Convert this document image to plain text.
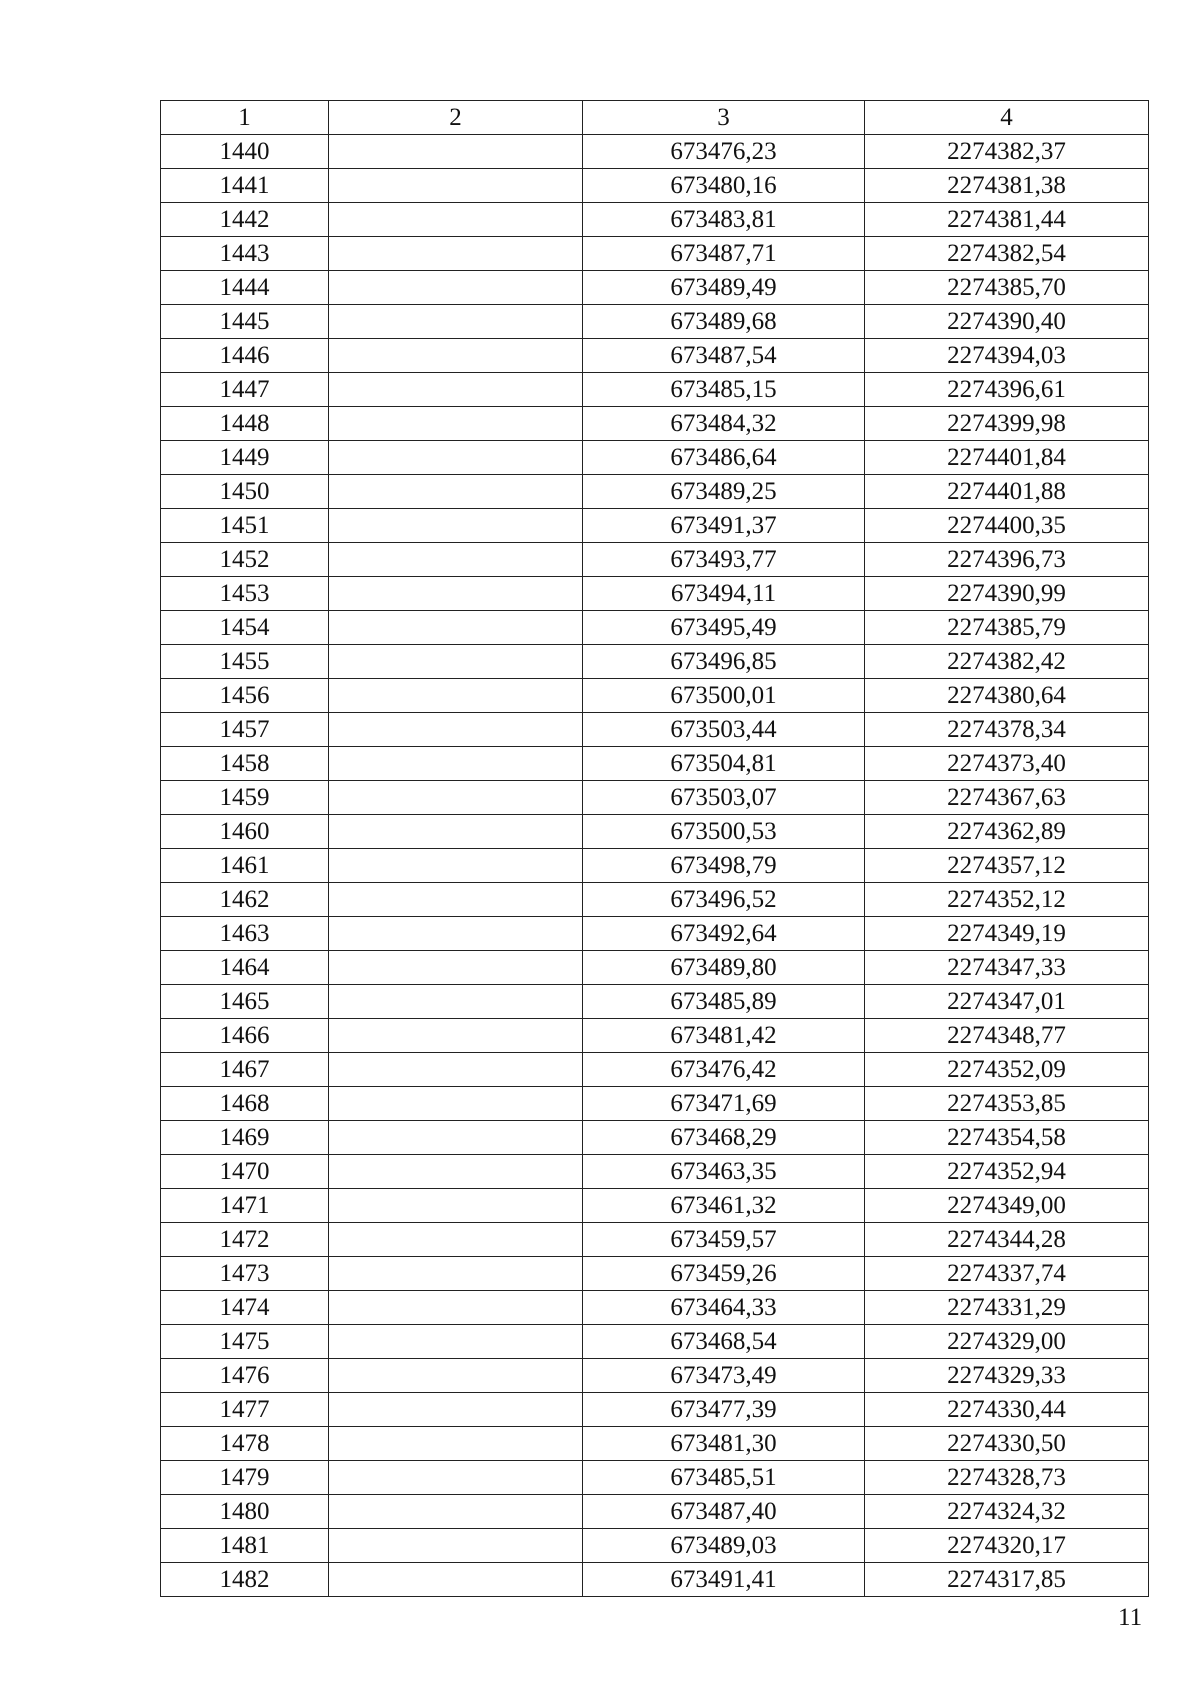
1	2	3	4
1440		673476,23	2274382,37
1441		673480,16	2274381,38
1442		673483,81	2274381,44
1443		673487,71	2274382,54
1444		673489,49	2274385,70
1445		673489,68	2274390,40
1446		673487,54	2274394,03
1447		673485,15	2274396,61
1448		673484,32	2274399,98
1449		673486,64	2274401,84
1450		673489,25	2274401,88
1451		673491,37	2274400,35
1452		673493,77	2274396,73
1453		673494,11	2274390,99
1454		673495,49	2274385,79
1455		673496,85	2274382,42
1456		673500,01	2274380,64
1457		673503,44	2274378,34
1458		673504,81	2274373,40
1459		673503,07	2274367,63
1460		673500,53	2274362,89
1461		673498,79	2274357,12
1462		673496,52	2274352,12
1463		673492,64	2274349,19
1464		673489,80	2274347,33
1465		673485,89	2274347,01
1466		673481,42	2274348,77
1467		673476,42	2274352,09
1468		673471,69	2274353,85
1469		673468,29	2274354,58
1470		673463,35	2274352,94
1471		673461,32	2274349,00
1472		673459,57	2274344,28
1473		673459,26	2274337,74
1474		673464,33	2274331,29
1475		673468,54	2274329,00
1476		673473,49	2274329,33
1477		673477,39	2274330,44
1478		673481,30	2274330,50
1479		673485,51	2274328,73
1480		673487,40	2274324,32
1481		673489,03	2274320,17
1482		673491,41	2274317,85
11
